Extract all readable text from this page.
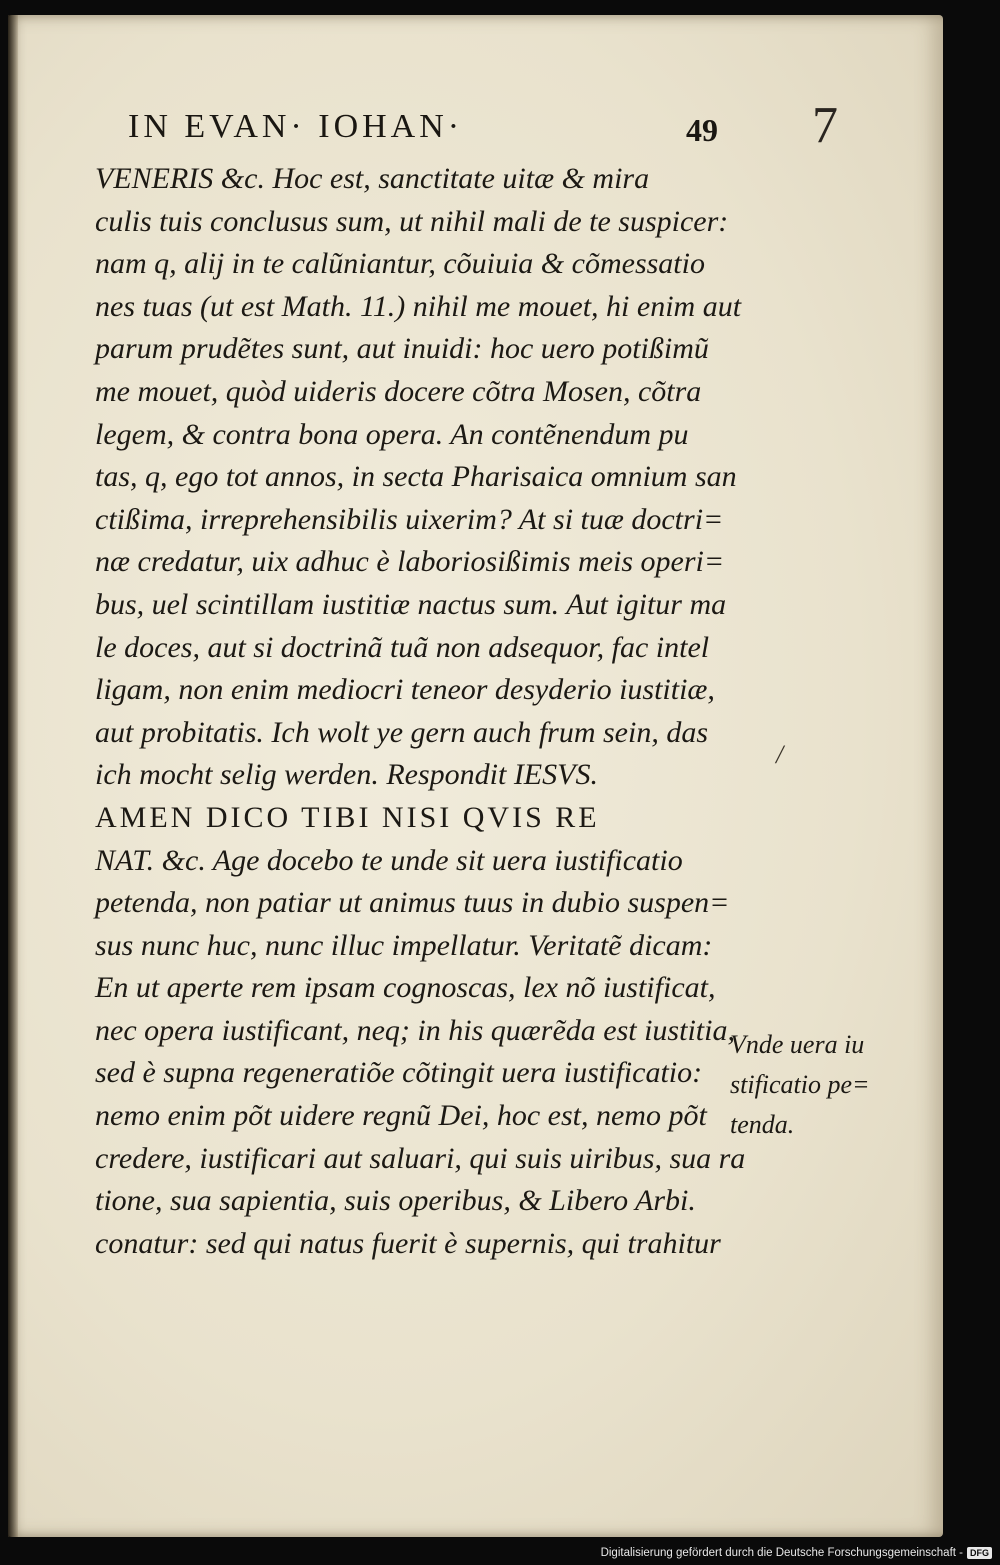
IN EVAN· IOHAN·	49 7
VENERIS &c. Hoc est, sanctitate uitæ & mira
culis tuis conclusus sum, ut nihil mali de te suspicer:
nam q, alij in te calũniantur, cõuiuia & cõmessatio
nes tuas (ut est Math. 11.) nihil me mouet, hi enim aut
parum prudẽtes sunt, aut inuidi: hoc uero potißimũ
me mouet, quòd uideris docere cõtra Mosen, cõtra
legem, & contra bona opera. An contẽnendum pu
tas, q, ego tot annos, in secta Pharisaica omnium san
ctißima, irreprehensibilis uixerim? At si tuæ doctri=
næ credatur, uix adhuc è laboriosißimis meis operi=
bus, uel scintillam iustitiæ nactus sum. Aut igitur ma
le doces, aut si doctrinã tuã non adsequor, fac intel
ligam, non enim mediocri teneor desyderio iustitiæ,
aut probitatis. Ich wolt ye gern auch frum sein, das
ich mocht selig werden. Respondit IESVS.
AMEN DICO TIBI NISI QVIS RE
NAT. &c. Age docebo te unde sit uera iustificatio
petenda, non patiar ut animus tuus in dubio suspen=
sus nunc huc, nunc illuc impellatur. Veritatẽ dicam:
En ut aperte rem ipsam cognoscas, lex nõ iustificat,
nec opera iustificant, neq; in his quærẽda est iustitia,
sed è supna regeneratiõe cõtingit uera iustificatio:
nemo enim põt uidere regnũ Dei, hoc est, nemo põt
credere, iustificari aut saluari, qui suis uiribus, sua ra
tione, sua sapientia, suis operibus, & Libero Arbi.
conatur: sed qui natus fuerit è supernis, qui trahitur
/
Vnde uera iu
stificatio pe=
tenda.
Digitalisierung gefördert durch die Deutsche Forschungsgemeinschaft - DFG
